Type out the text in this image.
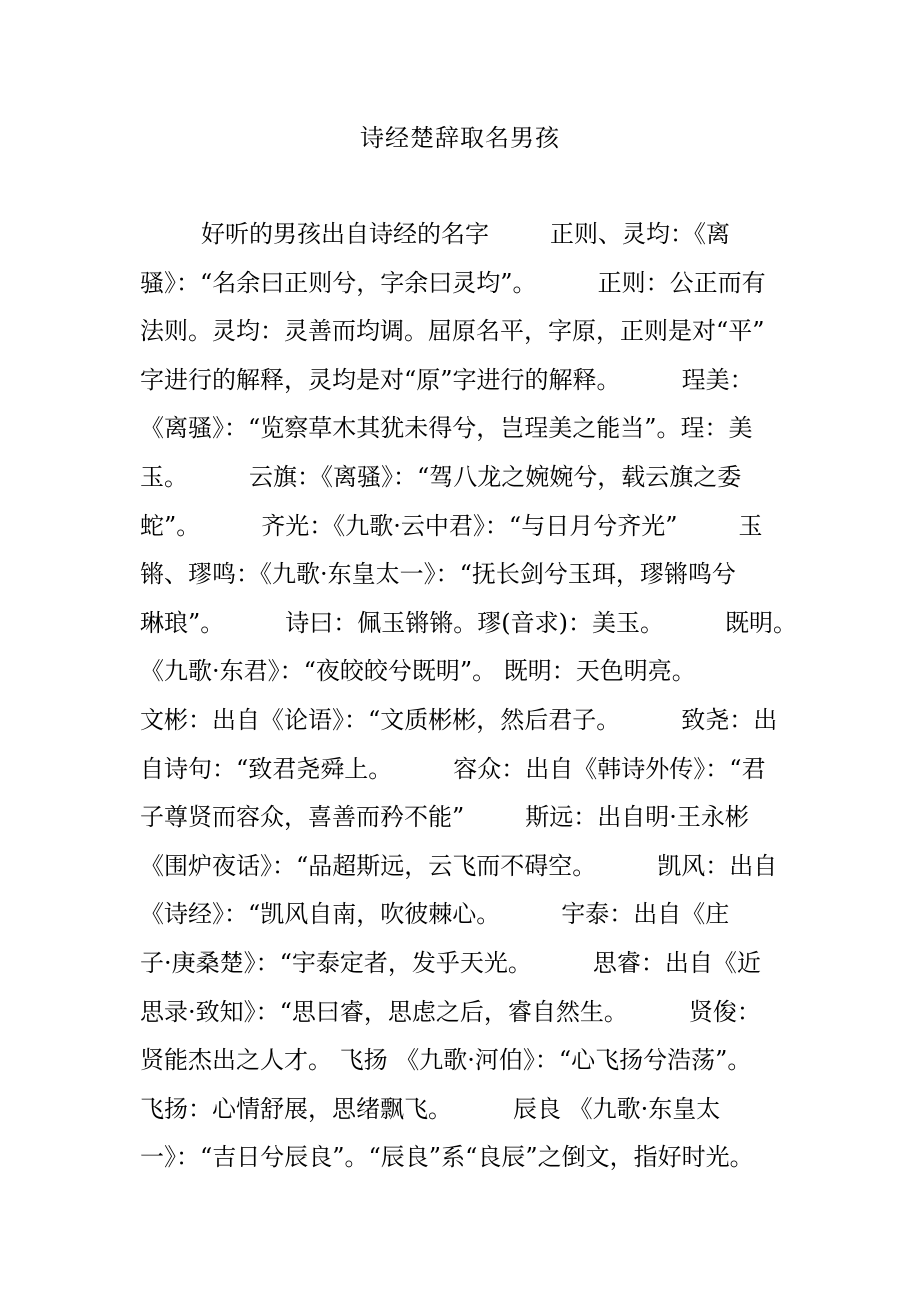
诗经楚辞取名男孩
好听的男孩出自诗经的名字        正则、灵均：《离
骚》：“名余曰正则兮，字余曰灵均”。        正则：公正而有
法则。灵均：灵善而均调。屈原名平，字原，正则是对“平”
字进行的解释，灵均是对“原”字进行的解释。        珵美：
《离骚》：“览察草木其犹未得兮，岂珵美之能当”。珵：美
玉。        云旗：《离骚》：“驾八龙之婉婉兮，载云旗之委
蛇”。        齐光：《九歌·云中君》：“与日月兮齐光”        玉
锵、璆鸣：《九歌·东皇太一》：“抚长剑兮玉珥，璆锵鸣兮
琳琅”。        诗曰：佩玉锵锵。璆(音求)：美玉。        既明。
《九歌·东君》：“夜皎皎兮既明”。 既明：天色明亮。
文彬：出自《论语》：“文质彬彬，然后君子。        致尧：出
自诗句：“致君尧舜上。        容众：出自《韩诗外传》：“君
子尊贤而容众，喜善而矜不能”        斯远：出自明·王永彬
《围炉夜话》：“品超斯远，云飞而不碍空。        凯风：出自
《诗经》：“凯风自南，吹彼棘心。        宇泰：出自《庄
子·庚桑楚》：“宇泰定者，发乎天光。        思睿：出自《近
思录·致知》：“思曰睿，思虑之后，睿自然生。        贤俊：
贤能杰出之人才。 飞扬 《九歌·河伯》：“心飞扬兮浩荡”。
飞扬：心情舒展，思绪飘飞。        辰良 《九歌·东皇太
一》：“吉日兮辰良”。“辰良”系“良辰”之倒文，指好时光。
